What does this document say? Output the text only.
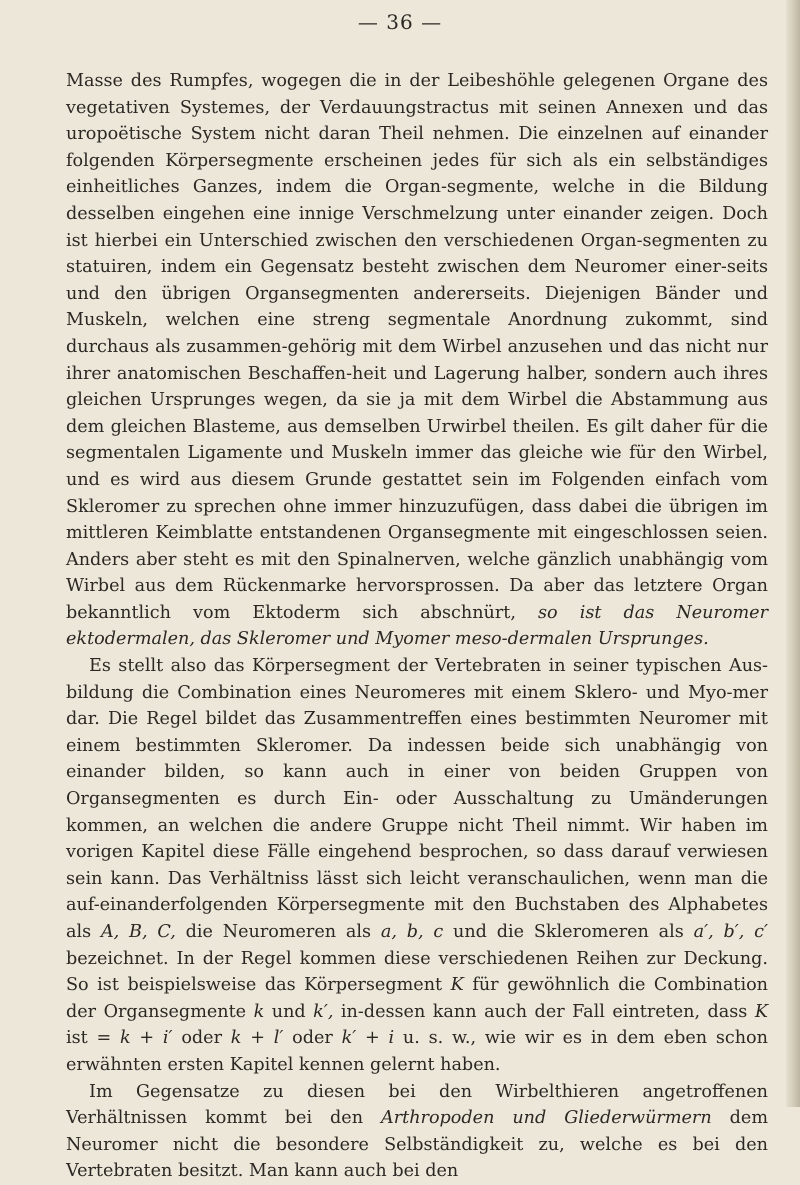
— 36 —

Masse des Rumpfes, wogegen die in der Leibeshöhle gelegenen Organe des vegetativen Systemes, der Verdauungstractus mit seinen Annexen und das uropoëtische System nicht daran Theil nehmen. Die einzelnen auf einander folgenden Körpersegmente erscheinen jedes für sich als ein selbständiges einheitliches Ganzes, indem die Organ-segmente, welche in die Bildung desselben eingehen eine innige Verschmelzung unter einander zeigen. Doch ist hierbei ein Unterschied zwischen den verschiedenen Organ-segmenten zu statuiren, indem ein Gegensatz besteht zwischen dem Neuromer einer-seits und den übrigen Organsegmenten andererseits. Diejenigen Bänder und Muskeln, welchen eine streng segmentale Anordnung zukommt, sind durchaus als zusammen-gehörig mit dem Wirbel anzusehen und das nicht nur ihrer anatomischen Beschaffen-heit und Lagerung halber, sondern auch ihres gleichen Ursprunges wegen, da sie ja mit dem Wirbel die Abstammung aus dem gleichen Blasteme, aus demselben Urwirbel theilen. Es gilt daher für die segmentalen Ligamente und Muskeln immer das gleiche wie für den Wirbel, und es wird aus diesem Grunde gestattet sein im Folgenden einfach vom Skleromer zu sprechen ohne immer hinzuzufügen, dass dabei die übrigen im mittleren Keimblatte entstandenen Organsegmente mit eingeschlossen seien. Anders aber steht es mit den Spinalnerven, welche gänzlich unabhängig vom Wirbel aus dem Rückenmarke hervorsprossen. Da aber das letztere Organ bekanntlich vom Ektoderm sich abschnürt, so ist das Neuromer ektodermalen, das Skleromer und Myomer meso-dermalen Ursprunges.

Es stellt also das Körpersegment der Vertebraten in seiner typischen Aus-bildung die Combination eines Neuromeres mit einem Sklero- und Myo-mer dar. Die Regel bildet das Zusammentreffen eines bestimmten Neuromer mit einem bestimmten Skleromer. Da indessen beide sich unabhängig von einander bilden, so kann auch in einer von beiden Gruppen von Organsegmenten es durch Ein- oder Ausschaltung zu Umänderungen kommen, an welchen die andere Gruppe nicht Theil nimmt. Wir haben im vorigen Kapitel diese Fälle eingehend besprochen, so dass darauf verwiesen sein kann. Das Verhältniss lässt sich leicht veranschaulichen, wenn man die auf-einanderfolgenden Körpersegmente mit den Buchstaben des Alphabetes als A, B, C, die Neuromeren als a, b, c und die Skleromeren als a′, b′, c′ bezeichnet. In der Regel kommen diese verschiedenen Reihen zur Deckung. So ist beispielsweise das Körpersegment K für gewöhnlich die Combination der Organsegmente k und k′, in-dessen kann auch der Fall eintreten, dass K ist = k + i′ oder k + l′ oder k′ + i u. s. w., wie wir es in dem eben schon erwähnten ersten Kapitel kennen gelernt haben.

Im Gegensatze zu diesen bei den Wirbelthieren angetroffenen Verhältnissen kommt bei den Arthropoden und Gliederwürmern dem Neuromer nicht die besondere Selbständigkeit zu, welche es bei den Vertebraten besitzt. Man kann auch bei den
